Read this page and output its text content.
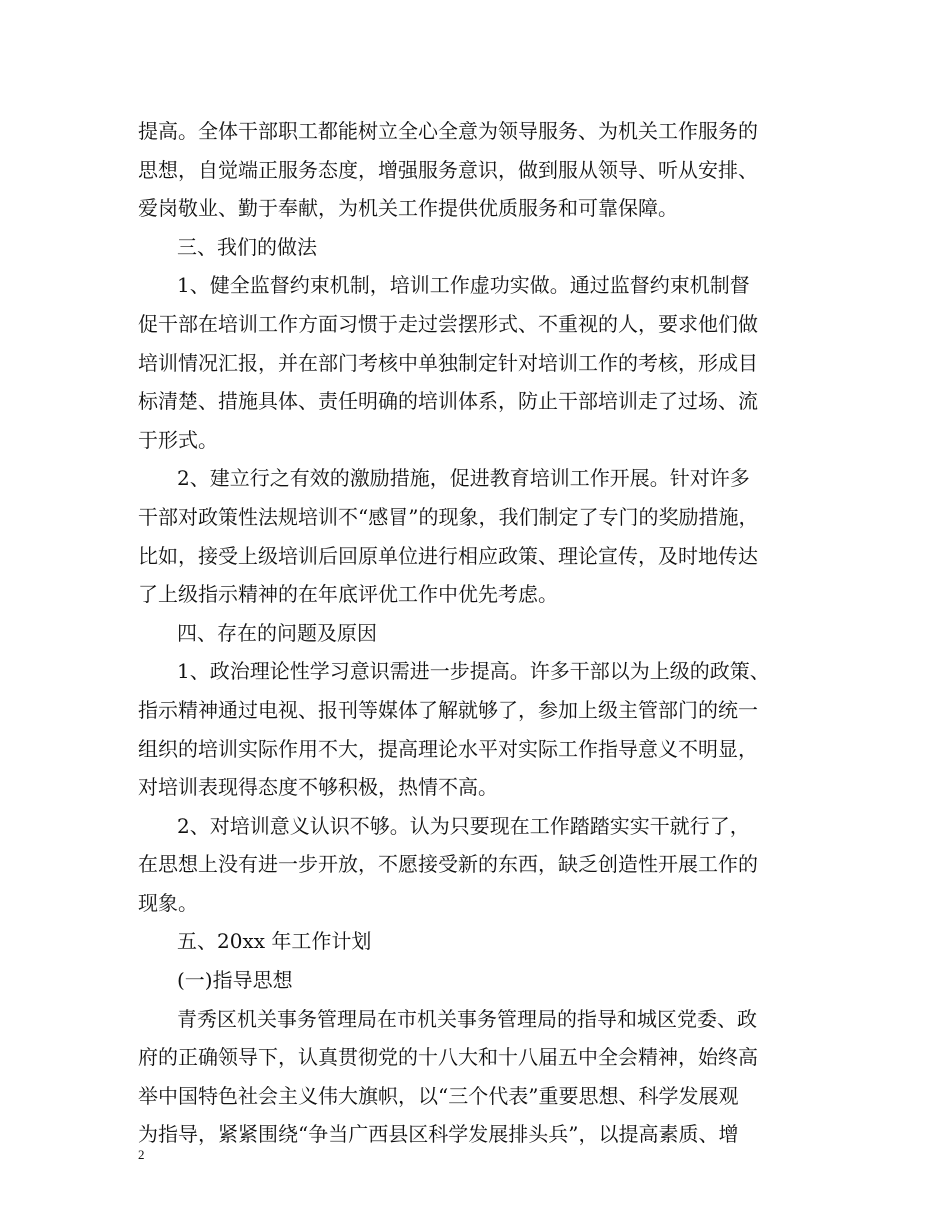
提高。全体干部职工都能树立全心全意为领导服务、为机关工作服务的
思想，自觉端正服务态度，增强服务意识，做到服从领导、听从安排、
爱岗敬业、勤于奉献，为机关工作提供优质服务和可靠保障。
三、我们的做法
1、健全监督约束机制，培训工作虚功实做。通过监督约束机制督
促干部在培训工作方面习惯于走过尝摆形式、不重视的人，要求他们做
培训情况汇报，并在部门考核中单独制定针对培训工作的考核，形成目
标清楚、措施具体、责任明确的培训体系，防止干部培训走了过场、流
于形式。
2、建立行之有效的激励措施，促进教育培训工作开展。针对许多
干部对政策性法规培训不“感冒”的现象，我们制定了专门的奖励措施，
比如，接受上级培训后回原单位进行相应政策、理论宣传，及时地传达
了上级指示精神的在年底评优工作中优先考虑。
四、存在的问题及原因
1、政治理论性学习意识需进一步提高。许多干部以为上级的政策、
指示精神通过电视、报刊等媒体了解就够了，参加上级主管部门的统一
组织的培训实际作用不大，提高理论水平对实际工作指导意义不明显，
对培训表现得态度不够积极，热情不高。
2、对培训意义认识不够。认为只要现在工作踏踏实实干就行了，
在思想上没有进一步开放，不愿接受新的东西，缺乏创造性开展工作的
现象。
五、20xx 年工作计划
(一)指导思想
青秀区机关事务管理局在市机关事务管理局的指导和城区党委、政
府的正确领导下，认真贯彻党的十八大和十八届五中全会精神，始终高
举中国特色社会主义伟大旗帜，以“三个代表”重要思想、科学发展观
为指导，紧紧围绕“争当广西县区科学发展排头兵”，以提高素质、增
2
